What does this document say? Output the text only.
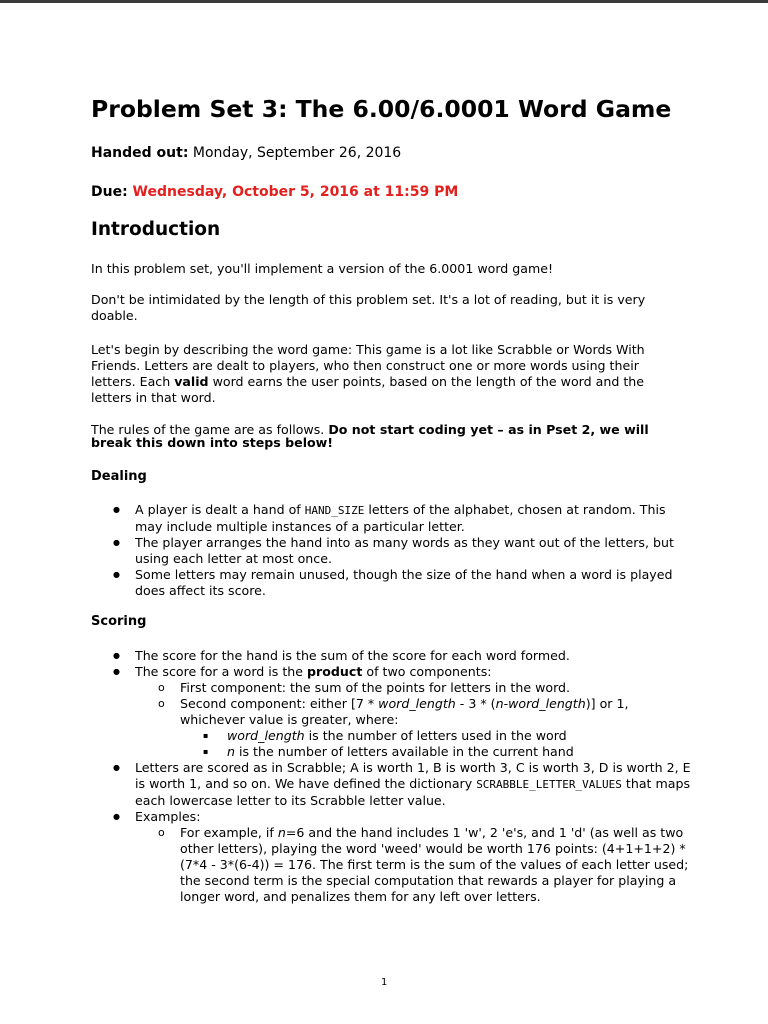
Problem Set 3: The 6.00/6.0001 Word Game
Handed out: Monday, September 26, 2016
Due: Wednesday, October 5, 2016 at 11:59 PM
Introduction

In this problem set, you'll implement a version of the 6.0001 word game!

Don't be intimidated by the length of this problem set. It's a lot of reading, but it is very doable.

Let's begin by describing the word game: This game is a lot like Scrabble or Words With Friends. Letters are dealt to players, who then construct one or more words using their letters. Each valid word earns the user points, based on the length of the word and the letters in that word.

The rules of the game are as follows. Do not start coding yet – as in Pset 2, we will break this down into steps below!

Dealing
● A player is dealt a hand of HAND_SIZE letters of the alphabet, chosen at random. This may include multiple instances of a particular letter.
● The player arranges the hand into as many words as they want out of the letters, but using each letter at most once.
● Some letters may remain unused, though the size of the hand when a word is played does affect its score.
Scoring
● The score for the hand is the sum of the score for each word formed.
● The score for a word is the product of two components:
o First component: the sum of the points for letters in the word.
o Second component: either [7 * word_length - 3 * (n-word_length)] or 1, whichever value is greater, where:
▪ word_length is the number of letters used in the word
▪ n is the number of letters available in the current hand
● Letters are scored as in Scrabble; A is worth 1, B is worth 3, C is worth 3, D is worth 2, E is worth 1, and so on. We have defined the dictionary SCRABBLE_LETTER_VALUES that maps each lowercase letter to its Scrabble letter value.
● Examples:
o For example, if n=6 and the hand includes 1 'w', 2 'e's, and 1 'd' (as well as two other letters), playing the word 'weed' would be worth 176 points: (4+1+1+2) * (7*4 - 3*(6-4)) = 176. The first term is the sum of the values of each letter used; the second term is the special computation that rewards a player for playing a longer word, and penalizes them for any left over letters.
1
